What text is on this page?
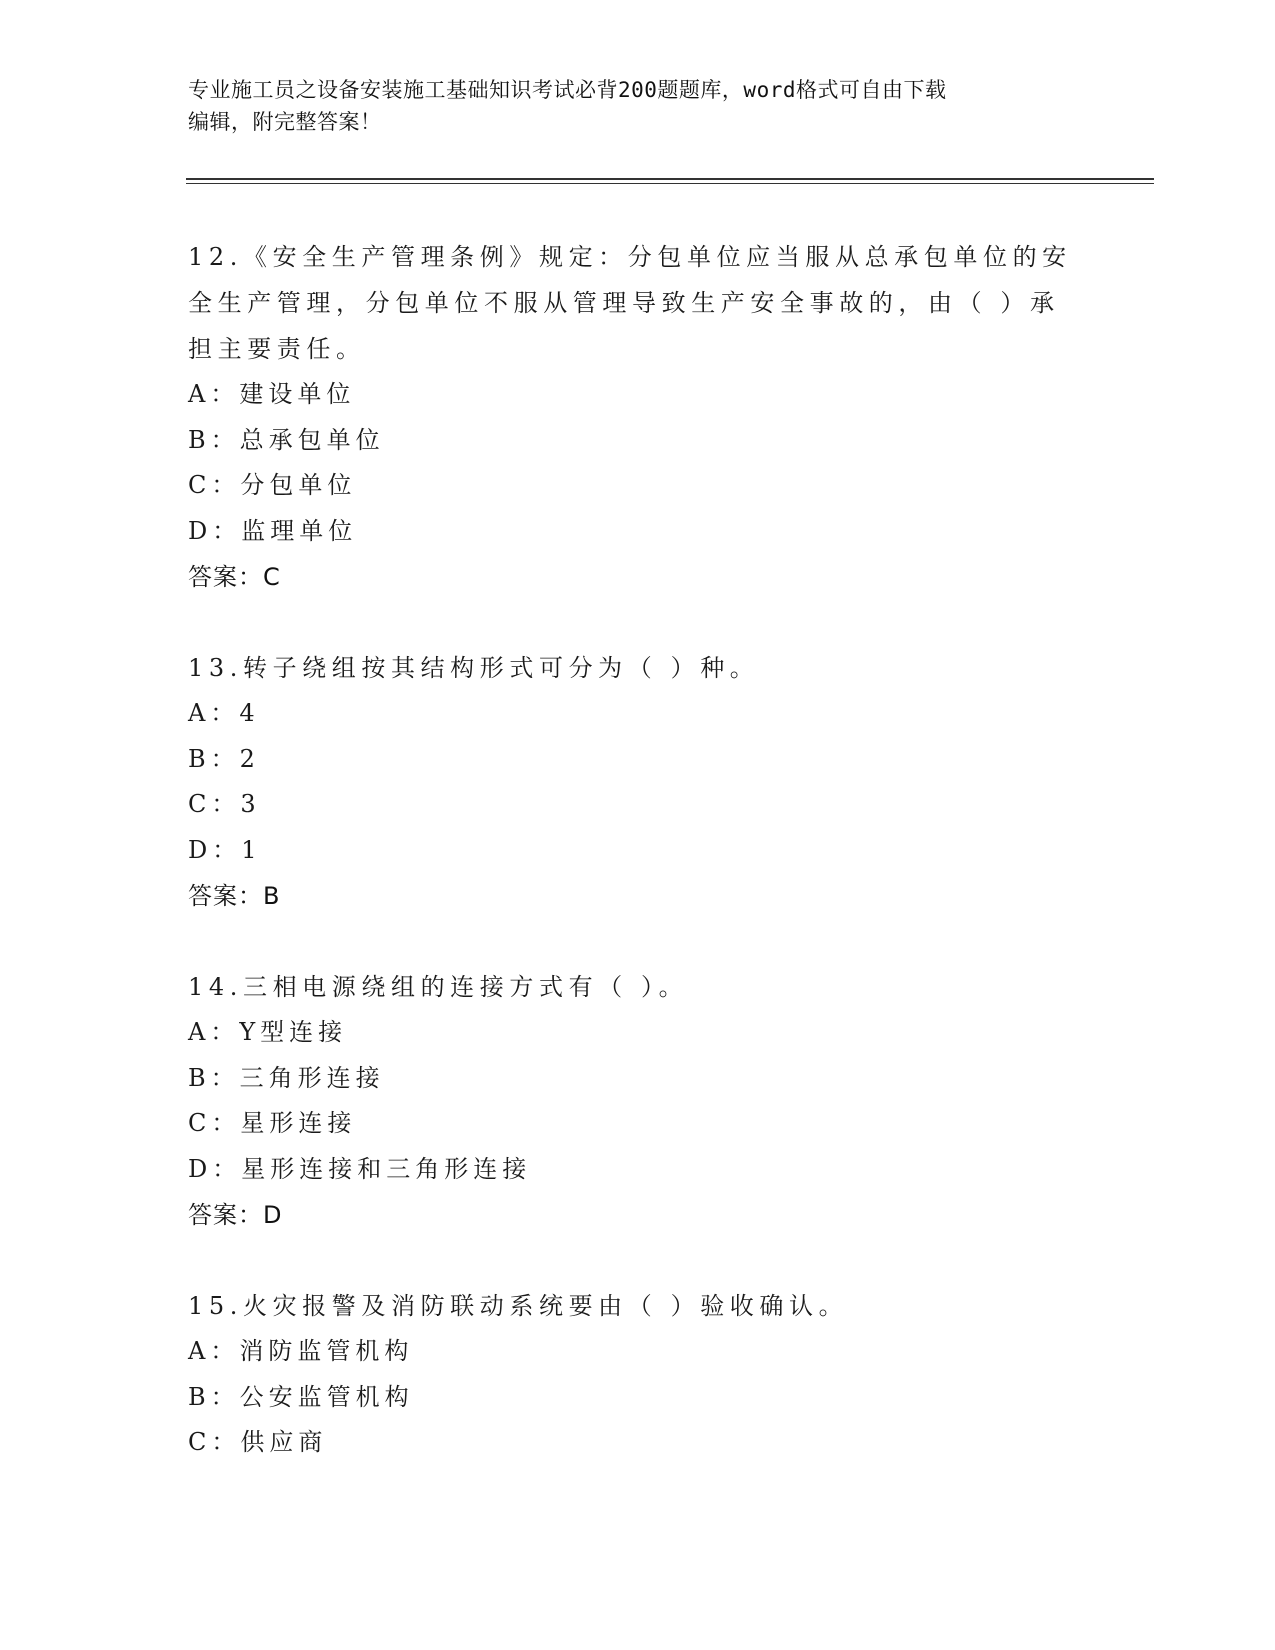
专业施工员之设备安装施工基础知识考试必背200题题库，word格式可自由下载
编辑，附完整答案！

12.《安全生产管理条例》规定：分包单位应当服从总承包单位的安全生产管理，分包单位不服从管理导致生产安全事故的，由（ ）承担主要责任。

A：建设单位

B：总承包单位

C：分包单位

D：监理单位

答案：C

13.转子绕组按其结构形式可分为（ ）种。

A：4

B：2

C：3

D：1

答案：B

14.三相电源绕组的连接方式有（ ）。

A：Y型连接

B：三角形连接

C：星形连接

D：星形连接和三角形连接

答案：D

15.火灾报警及消防联动系统要由（ ）验收确认。

A：消防监管机构

B：公安监管机构

C：供应商
